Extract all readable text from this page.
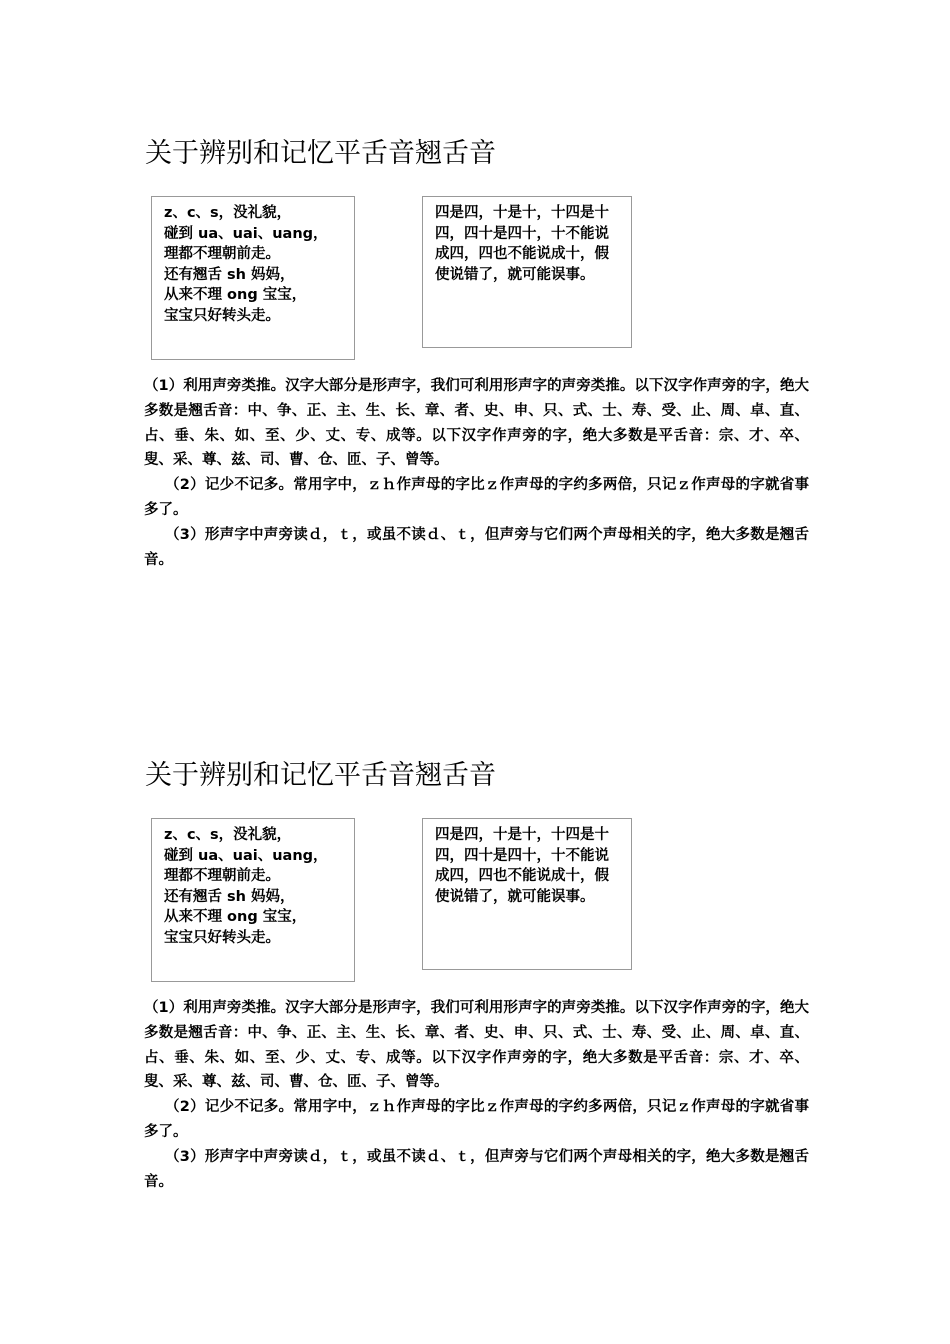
关于辨别和记忆平舌音翘舌音
z、c、s，没礼貌，
碰到 ua、uai、uang，
理都不理朝前走。
还有翘舌 sh 妈妈，
从来不理 ong 宝宝，
宝宝只好转头走。
四是四，十是十，十四是十四，四十是四十，十不能说成四，四也不能说成十，假使说错了，就可能误事。

（1）利用声旁类推。汉字大部分是形声字，我们可利用形声字的声旁类推。以下汉字作声旁的字，绝大多数是翘舌音：中、争、正、主、生、长、章、者、史、申、只、式、士、寿、受、止、周、卓、直、占、垂、朱、如、至、少、丈、专、成等。以下汉字作声旁的字，绝大多数是平舌音：宗、才、卒、叟、采、尊、兹、司、曹、仓、匝、子、曾等。

（2）记少不记多。常用字中，ｚｈ作声母的字比ｚ作声母的字约多两倍，只记ｚ作声母的字就省事多了。

（3）形声字中声旁读ｄ，ｔ，或虽不读ｄ、ｔ，但声旁与它们两个声母相关的字，绝大多数是翘舌音。

关于辨别和记忆平舌音翘舌音
z、c、s，没礼貌，
碰到 ua、uai、uang，
理都不理朝前走。
还有翘舌 sh 妈妈，
从来不理 ong 宝宝，
宝宝只好转头走。
四是四，十是十，十四是十四，四十是四十，十不能说成四，四也不能说成十，假使说错了，就可能误事。

（1）利用声旁类推。汉字大部分是形声字，我们可利用形声字的声旁类推。以下汉字作声旁的字，绝大多数是翘舌音：中、争、正、主、生、长、章、者、史、申、只、式、士、寿、受、止、周、卓、直、占、垂、朱、如、至、少、丈、专、成等。以下汉字作声旁的字，绝大多数是平舌音：宗、才、卒、叟、采、尊、兹、司、曹、仓、匝、子、曾等。

（2）记少不记多。常用字中，ｚｈ作声母的字比ｚ作声母的字约多两倍，只记ｚ作声母的字就省事多了。

（3）形声字中声旁读ｄ，ｔ，或虽不读ｄ、ｔ，但声旁与它们两个声母相关的字，绝大多数是翘舌音。
